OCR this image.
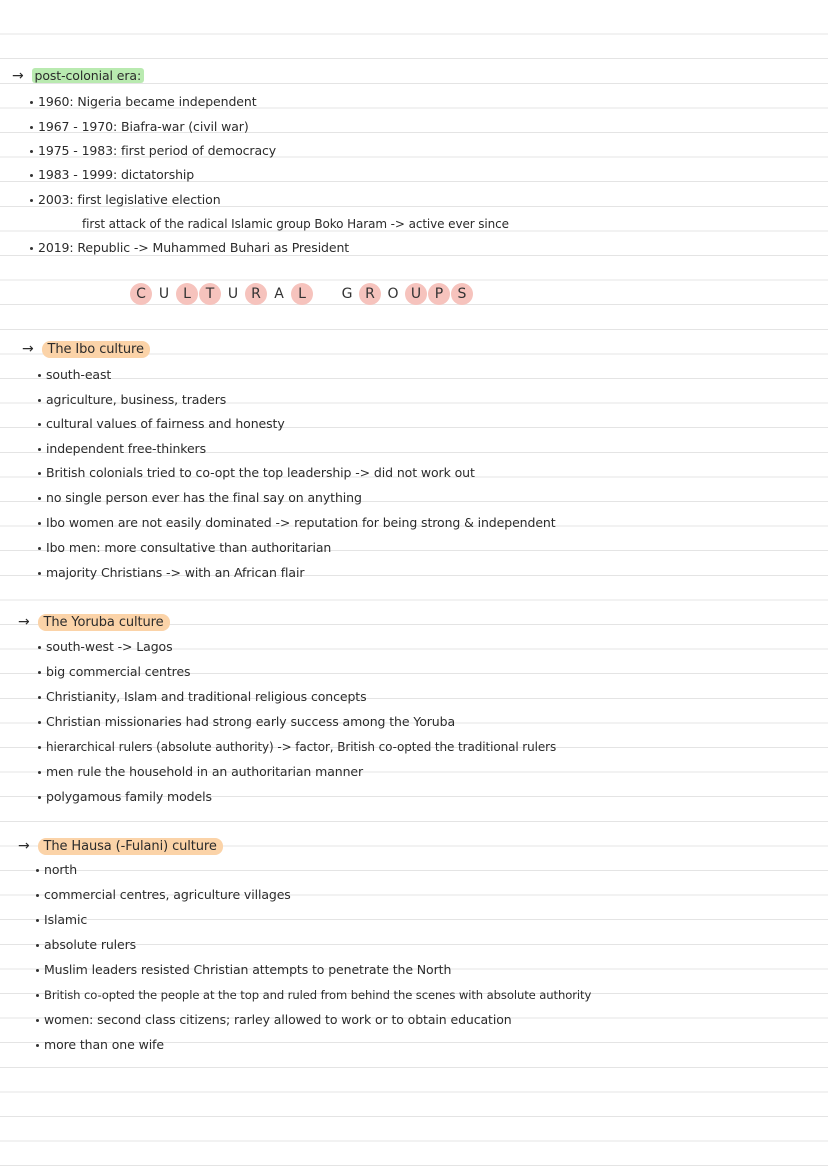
→ post-colonial era:
1960: Nigeria became independent
1967 - 1970: Biafra-war (civil war)
1975 - 1983: first period of democracy
1983 - 1999: dictatorship
2003: first legislative election
first attack of the radical Islamic group Boko Haram -> active ever since
2019: Republic -> Muhammed Buhari as President
C U L	T U R A	L	G R O U P	S
→ The Ibo culture
south-east
agriculture, business, traders
cultural values of fairness and honesty
independent free-thinkers
British colonials tried to co-opt the top leadership -> did not work out
no single person ever has the final say on anything
Ibo women are not easily dominated -> reputation for being strong & independent
Ibo men: more consultative than authoritarian
majority Christians -> with an African flair
→ The Yoruba culture
south-west -> Lagos
big commercial centres
Christianity, Islam and traditional religious concepts
Christian missionaries had strong early success among the Yoruba
hierarchical rulers (absolute authority) -> factor, British co-opted the traditional rulers
men rule the household in an authoritarian manner
polygamous family models
→ The Hausa (-Fulani) culture
north
commercial centres, agriculture villages
Islamic
absolute rulers
Muslim leaders resisted Christian attempts to penetrate the North
British co-opted the people at the top and ruled from behind the scenes with absolute authority
women: second class citizens; rarley allowed to work or to obtain education
more than one wife
